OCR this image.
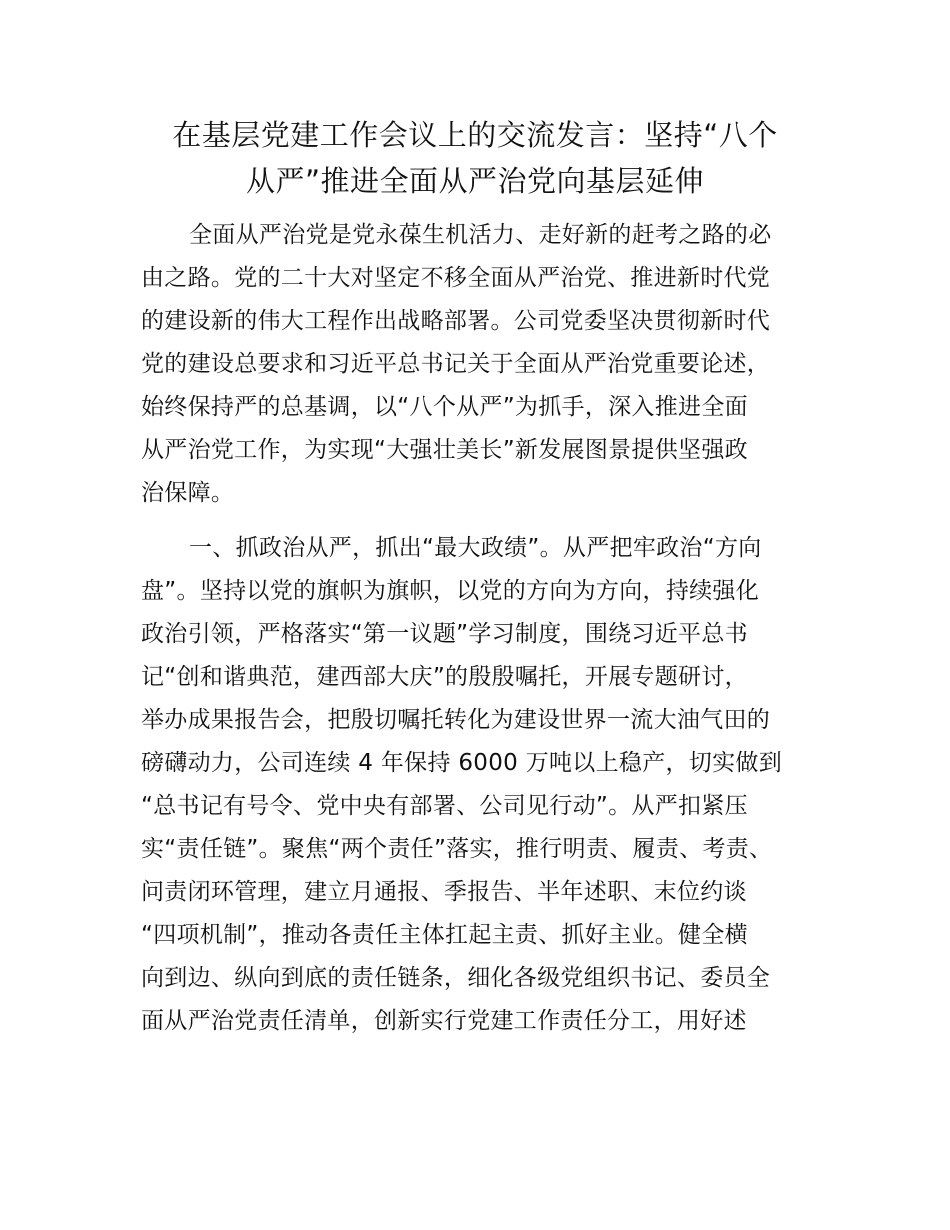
在基层党建工作会议上的交流发言：坚持“八个
从严”推进全面从严治党向基层延伸

全面从严治党是党永葆生机活力、走好新的赶考之路的必
由之路。党的二十大对坚定不移全面从严治党、推进新时代党
的建设新的伟大工程作出战略部署。公司党委坚决贯彻新时代
党的建设总要求和习近平总书记关于全面从严治党重要论述，
始终保持严的总基调，以“八个从严”为抓手，深入推进全面
从严治党工作，为实现“大强壮美长”新发展图景提供坚强政
治保障。

一、抓政治从严，抓出“最大政绩”。从严把牢政治“方向
盘”。坚持以党的旗帜为旗帜，以党的方向为方向，持续强化
政治引领，严格落实“第一议题”学习制度，围绕习近平总书
记“创和谐典范，建西部大庆”的殷殷嘱托，开展专题研讨，
举办成果报告会，把殷切嘱托转化为建设世界一流大油气田的
磅礴动力，公司连续 4 年保持 6000 万吨以上稳产，切实做到
“总书记有号令、党中央有部署、公司见行动”。从严扣紧压
实“责任链”。聚焦“两个责任”落实，推行明责、履责、考责、
问责闭环管理，建立月通报、季报告、半年述职、末位约谈
“四项机制”，推动各责任主体扛起主责、抓好主业。健全横
向到边、纵向到底的责任链条，细化各级党组织书记、委员全
面从严治党责任清单，创新实行党建工作责任分工，用好述
